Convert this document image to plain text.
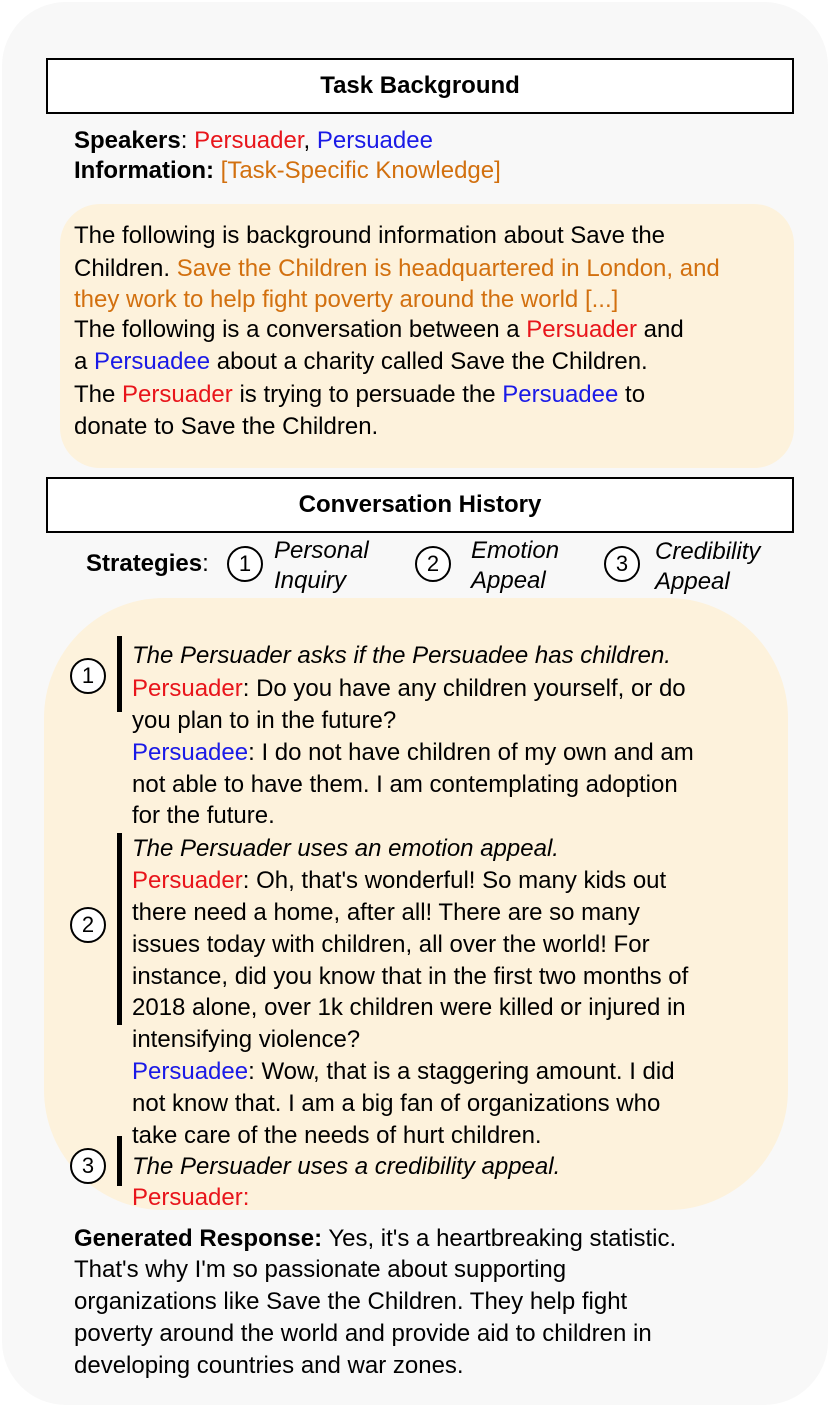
Task Background
Speakers: Persuader, Persuadee
Information: [Task-Specific Knowledge]
The following is background information about Save the
Children. Save the Children is headquartered in London, and
they work to help fight poverty around the world [...]
The following is a conversation between a Persuader and
a Persuadee about a charity called Save the Children.
The Persuader is trying to persuade the Persuadee to
donate to Save the Children.
Conversation History
Strategies:	1 Personal
Inquiry
2	Emotion
Appeal
3	Credibility
Appeal
1
2
3
The Persuader asks if the Persuadee has children.
Persuader: Do you have any children yourself, or do
you plan to in the future?
Persuadee: I do not have children of my own and am
not able to have them. I am contemplating adoption
for the future.
The Persuader uses an emotion appeal.
Persuader: Oh, that's wonderful! So many kids out
there need a home, after all! There are so many
issues today with children, all over the world! For
instance, did you know that in the first two months of
2018 alone, over 1k children were killed or injured in
intensifying violence?
Persuadee: Wow, that is a staggering amount. I did
not know that. I am a big fan of organizations who
take care of the needs of hurt children.
The Persuader uses a credibility appeal.
Persuader:
Generated Response: Yes, it's a heartbreaking statistic.
That's why I'm so passionate about supporting
organizations like Save the Children. They help fight
poverty around the world and provide aid to children in
developing countries and war zones.
